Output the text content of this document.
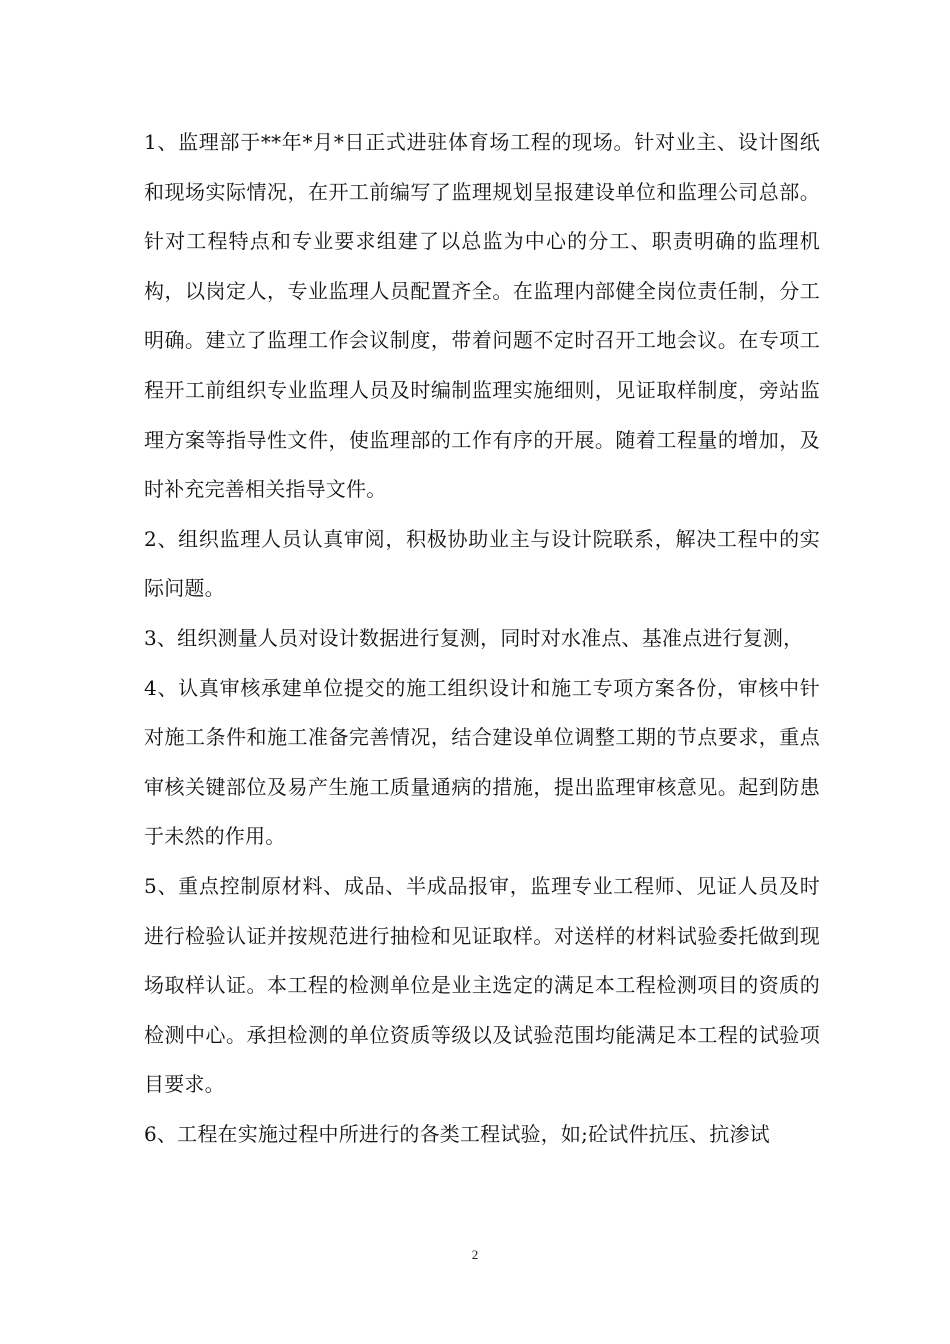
1、监理部于**年*月*日正式进驻体育场工程的现场。针对业主、设计图纸和现场实际情况，在开工前编写了监理规划呈报建设单位和监理公司总部。针对工程特点和专业要求组建了以总监为中心的分工、职责明确的监理机构，以岗定人，专业监理人员配置齐全。在监理内部健全岗位责任制，分工明确。建立了监理工作会议制度，带着问题不定时召开工地会议。在专项工程开工前组织专业监理人员及时编制监理实施细则，见证取样制度，旁站监理方案等指导性文件，使监理部的工作有序的开展。随着工程量的增加，及时补充完善相关指导文件。

2、组织监理人员认真审阅，积极协助业主与设计院联系，解决工程中的实际问题。

3、组织测量人员对设计数据进行复测，同时对水准点、基准点进行复测，

4、认真审核承建单位提交的施工组织设计和施工专项方案各份，审核中针对施工条件和施工准备完善情况，结合建设单位调整工期的节点要求，重点审核关键部位及易产生施工质量通病的措施，提出监理审核意见。起到防患于未然的作用。

5、重点控制原材料、成品、半成品报审，监理专业工程师、见证人员及时进行检验认证并按规范进行抽检和见证取样。对送样的材料试验委托做到现场取样认证。本工程的检测单位是业主选定的满足本工程检测项目的资质的检测中心。承担检测的单位资质等级以及试验范围均能满足本工程的试验项目要求。

6、工程在实施过程中所进行的各类工程试验，如;砼试件抗压、抗渗试

2
